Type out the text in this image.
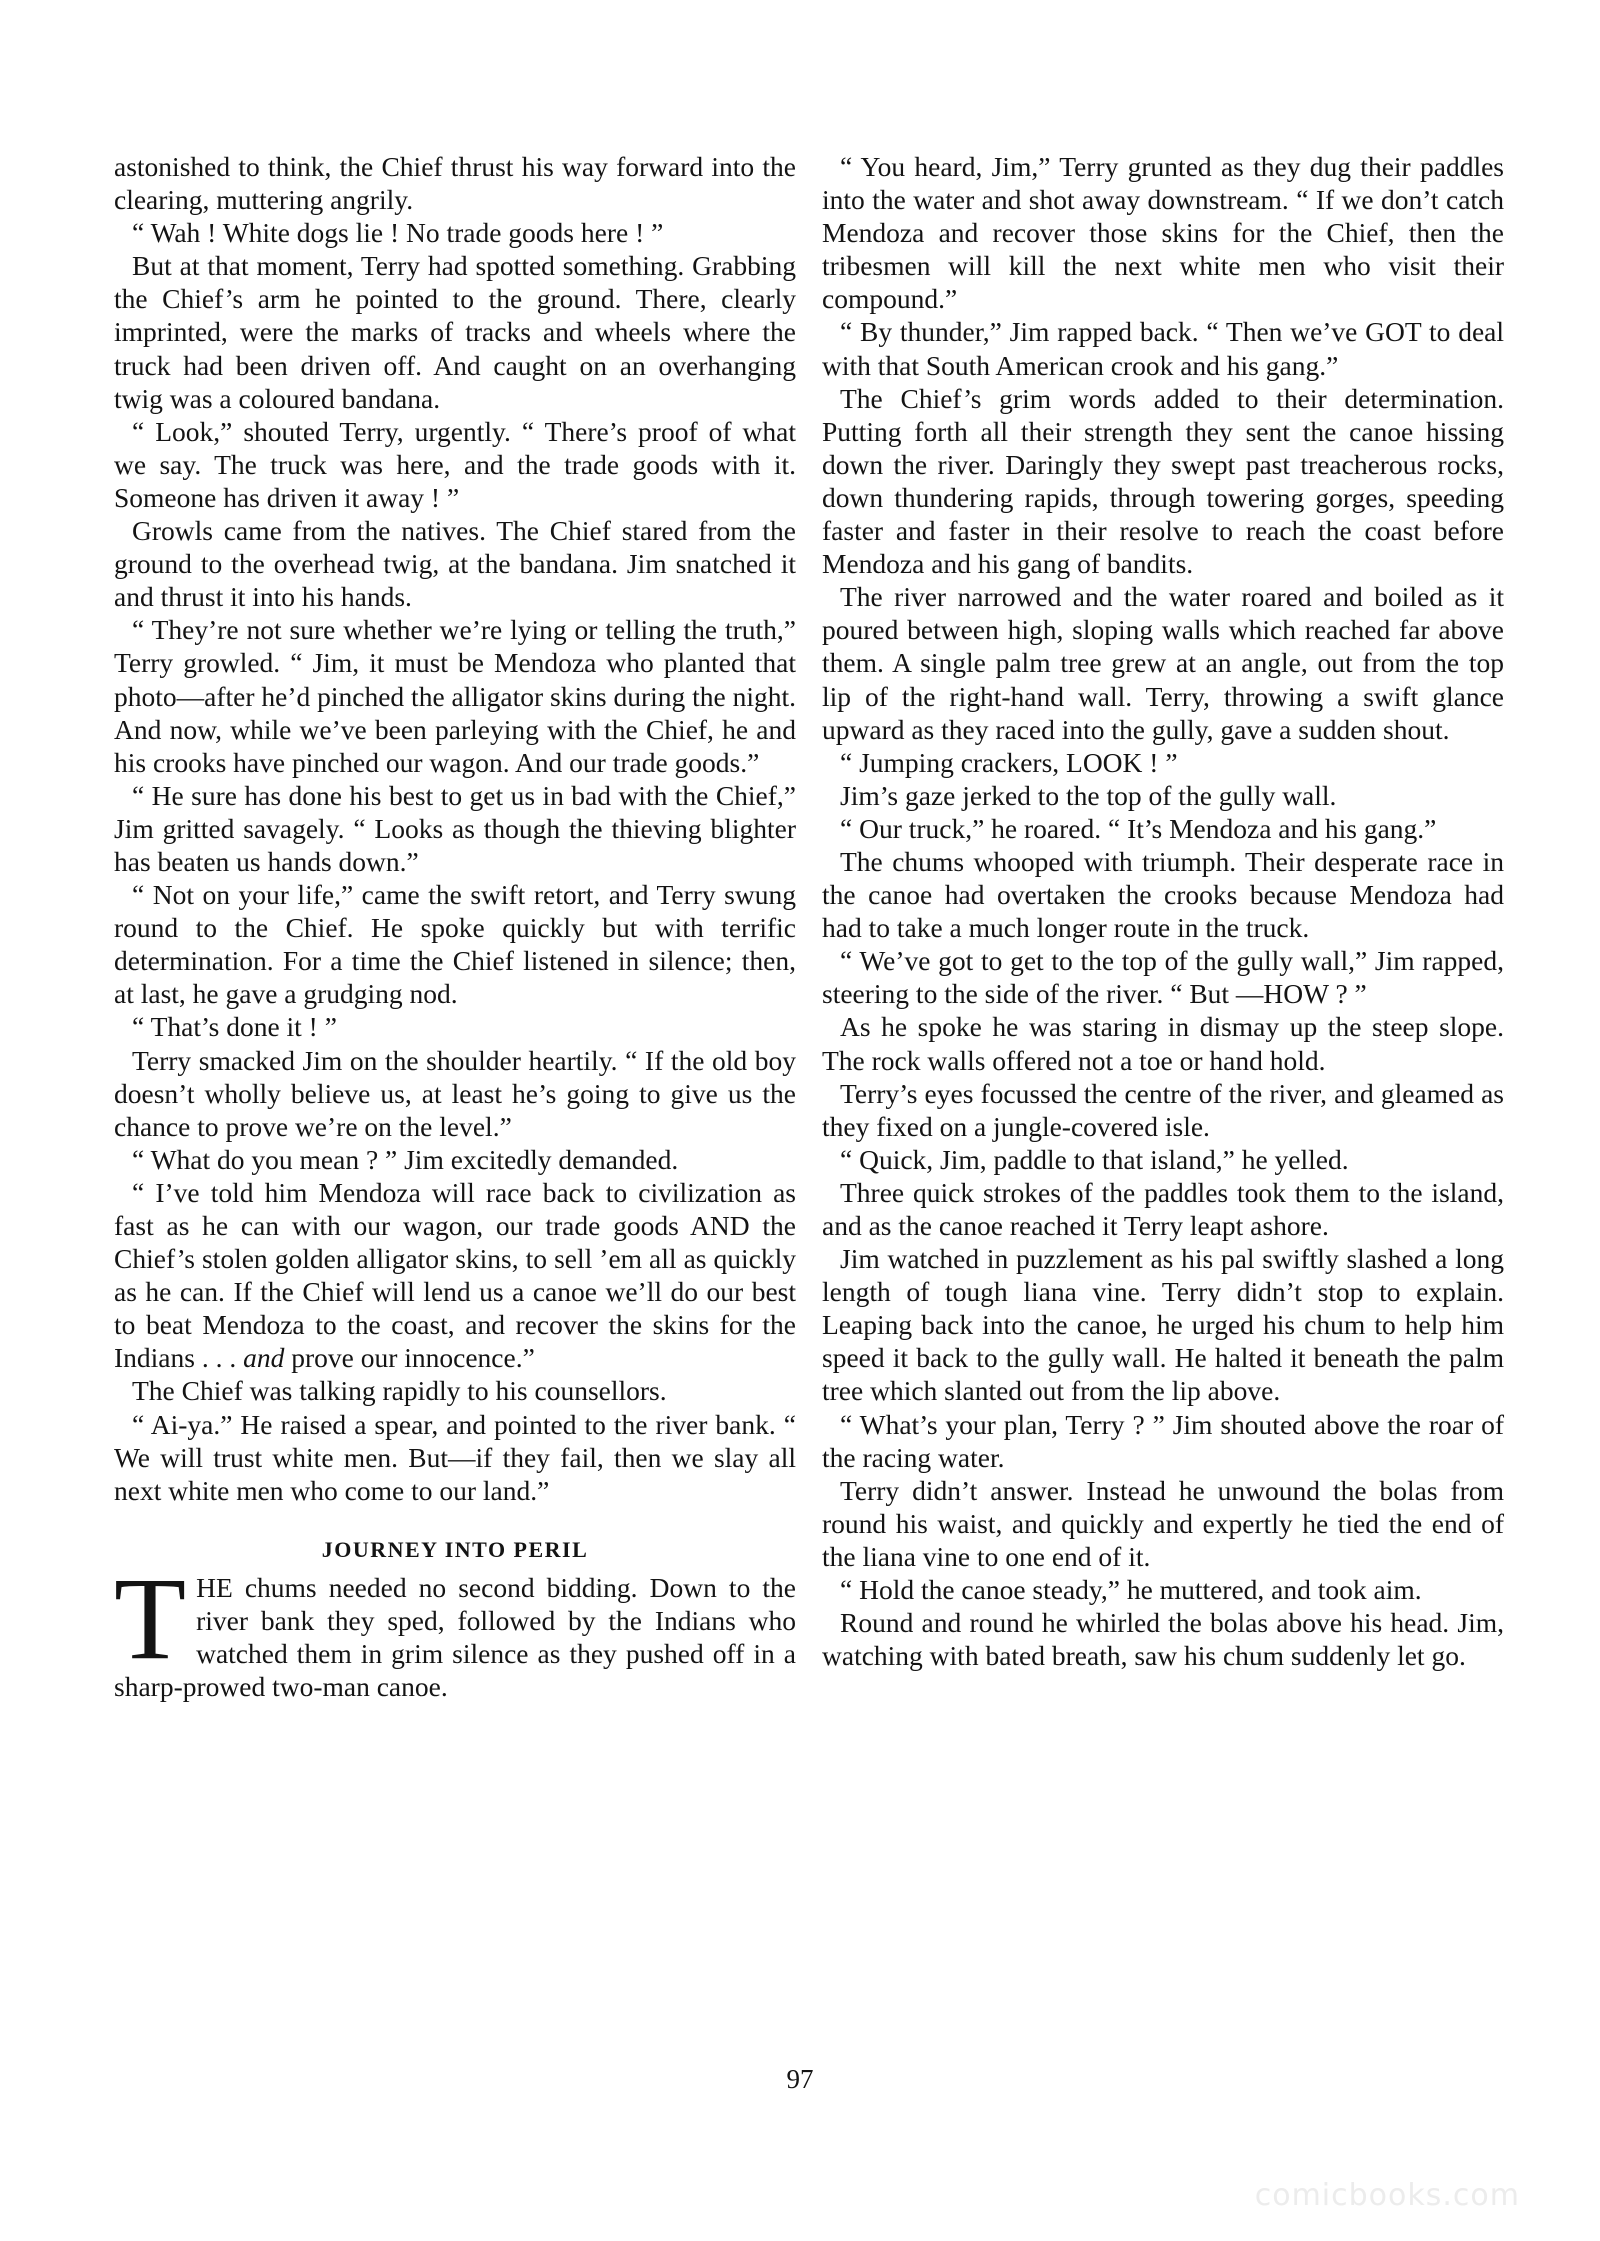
astonished to think, the Chief thrust his way forward into the clearing, muttering angrily.

“ Wah ! White dogs lie ! No trade goods here ! ”

But at that moment, Terry had spotted something. Grabbing the Chief’s arm he pointed to the ground. There, clearly imprinted, were the marks of tracks and wheels where the truck had been driven off. And caught on an overhanging twig was a coloured bandana.

“ Look,” shouted Terry, urgently. “ There’s proof of what we say. The truck was here, and the trade goods with it. Someone has driven it away ! ”

Growls came from the natives. The Chief stared from the ground to the overhead twig, at the bandana. Jim snatched it and thrust it into his hands.

“ They’re not sure whether we’re lying or telling the truth,” Terry growled. “ Jim, it must be Mendoza who planted that photo—after he’d pinched the alligator skins during the night. And now, while we’ve been parleying with the Chief, he and his crooks have pinched our wagon. And our trade goods.”

“ He sure has done his best to get us in bad with the Chief,” Jim gritted savagely. “ Looks as though the thieving blighter has beaten us hands down.”

“ Not on your life,” came the swift retort, and Terry swung round to the Chief. He spoke quickly but with terrific determination. For a time the Chief listened in silence; then, at last, he gave a grudging nod.

“ That’s done it ! ”

Terry smacked Jim on the shoulder heartily. “ If the old boy doesn’t wholly believe us, at least he’s going to give us the chance to prove we’re on the level.”

“ What do you mean ? ” Jim excitedly demanded.

“ I’ve told him Mendoza will race back to civilization as fast as he can with our wagon, our trade goods AND the Chief’s stolen golden alligator skins, to sell ’em all as quickly as he can. If the Chief will lend us a canoe we’ll do our best to beat Mendoza to the coast, and recover the skins for the Indians . . . and prove our innocence.”

The Chief was talking rapidly to his counsellors.

“ Ai-ya.” He raised a spear, and pointed to the river bank. “ We will trust white men. But—if they fail, then we slay all next white men who come to our land.”

JOURNEY INTO PERIL

THE chums needed no second bidding. Down to the river bank they sped, followed by the Indians who watched them in grim silence as they pushed off in a sharp-prowed two-man canoe.

“ You heard, Jim,” Terry grunted as they dug their paddles into the water and shot away downstream. “ If we don’t catch Mendoza and recover those skins for the Chief, then the tribesmen will kill the next white men who visit their compound.”

“ By thunder,” Jim rapped back. “ Then we’ve GOT to deal with that South American crook and his gang.”

The Chief’s grim words added to their determination. Putting forth all their strength they sent the canoe hissing down the river. Daringly they swept past treacherous rocks, down thundering rapids, through towering gorges, speeding faster and faster in their resolve to reach the coast before Mendoza and his gang of bandits.

The river narrowed and the water roared and boiled as it poured between high, sloping walls which reached far above them. A single palm tree grew at an angle, out from the top lip of the right-hand wall. Terry, throwing a swift glance upward as they raced into the gully, gave a sudden shout.

“ Jumping crackers, LOOK ! ”

Jim’s gaze jerked to the top of the gully wall.

“ Our truck,” he roared. “ It’s Mendoza and his gang.”

The chums whooped with triumph. Their desperate race in the canoe had overtaken the crooks because Mendoza had had to take a much longer route in the truck.

“ We’ve got to get to the top of the gully wall,” Jim rapped, steering to the side of the river. “ But —HOW ? ”

As he spoke he was staring in dismay up the steep slope. The rock walls offered not a toe or hand hold.

Terry’s eyes focussed the centre of the river, and gleamed as they fixed on a jungle-covered isle.

“ Quick, Jim, paddle to that island,” he yelled.

Three quick strokes of the paddles took them to the island, and as the canoe reached it Terry leapt ashore.

Jim watched in puzzlement as his pal swiftly slashed a long length of tough liana vine. Terry didn’t stop to explain. Leaping back into the canoe, he urged his chum to help him speed it back to the gully wall. He halted it beneath the palm tree which slanted out from the lip above.

“ What’s your plan, Terry ? ” Jim shouted above the roar of the racing water.

Terry didn’t answer. Instead he unwound the bolas from round his waist, and quickly and expertly he tied the end of the liana vine to one end of it.

“ Hold the canoe steady,” he muttered, and took aim.

Round and round he whirled the bolas above his head. Jim, watching with bated breath, saw his chum suddenly let go.

97
comicbooks.com
